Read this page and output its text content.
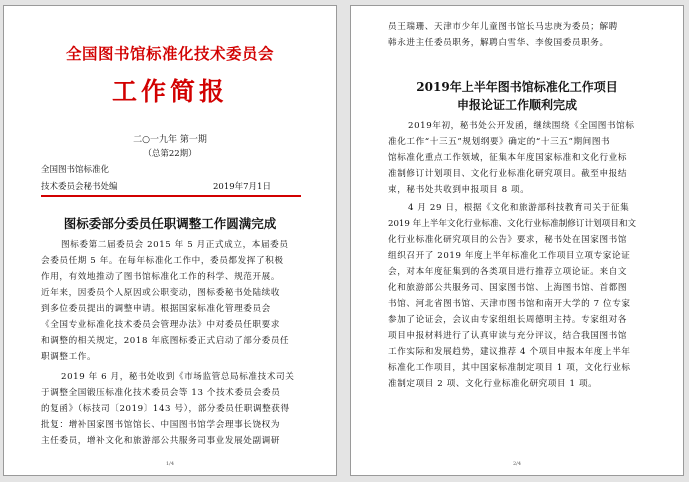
全国图书馆标准化技术委员会
工作简报
二○一九年 第一期
（总第22期）
全国图书馆标准化
技术委员会秘书处编	2019年7月1日
图标委部分委员任职调整工作圆满完成
图标委第二届委员会 2015 年 5 月正式成立，本届委员
会委员任期 5 年。在每年标准化工作中，委员都发挥了积极
作用，有效地推动了图书馆标准化工作的科学、规范开展。
近年来，因委员个人原因或公职变动，图标委秘书处陆续收
到多位委员提出的调整申请。根据国家标准化管理委员会
《全国专业标准化技术委员会管理办法》中对委员任职要求
和调整的相关规定，2018 年底图标委正式启动了部分委员任
职调整工作。
2019 年 6 月，秘书处收到《市场监管总局标准技术司关
于调整全国锻压标准化技术委员会等 13 个技术委员会委员
的复函》（标技司〔2019〕143 号），部分委员任职调整获得
批复：增补国家图书馆馆长、中国图书馆学会理事长饶权为
主任委员，增补文化和旅游部公共服务司事业发展处副调研
1/4
员王瑞珊、天津市少年儿童图书馆长马忠庚为委员；解聘
韩永进主任委员职务，解聘白雪华、李俊国委员职务。
2019年上半年图书馆标准化工作项目
申报论证工作顺利完成
2019年初，秘书处公开发函，继续围绕《全国图书馆标
准化工作“十三五”规划纲要》确定的“十三五”期间图书
馆标准化重点工作领域，征集本年度国家标准和文化行业标
准制修订计划项目、文化行业标准化研究项目。截至申报结
束，秘书处共收到申报项目 8 项。
4 月 29 日，根据《文化和旅游部科技教育司关于征集
2019 年上半年文化行业标准、文化行业标准制修订计划项目和文
化行业标准化研究项目的公告》要求，秘书处在国家图书馆
组织召开了 2019 年度上半年标准化工作项目立项专家论证
会，对本年度征集到的各类项目进行推荐立项论证。来自文
化和旅游部公共服务司、国家图书馆、上海图书馆、首都图
书馆、河北省图书馆、天津市图书馆和南开大学的 7 位专家
参加了论证会，会议由专家组组长周德明主持。专家组对各
项目申报材料进行了认真审读与充分评议，结合我国图书馆
工作实际和发展趋势，建议推荐 4 个项目申报本年度上半年
标准化工作项目，其中国家标准制定项目 1 项，文化行业标
准制定项目 2 项、文化行业标准化研究项目 1 项。
2/4
